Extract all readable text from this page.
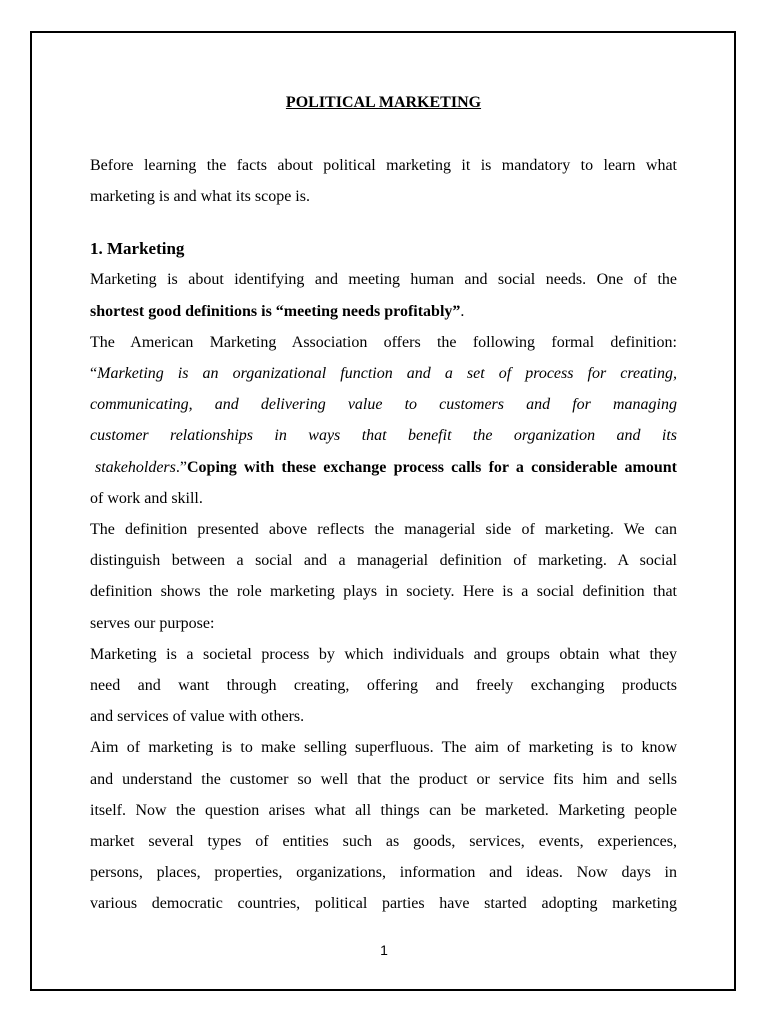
POLITICAL MARKETING
Before learning the facts about political marketing it is mandatory to learn what
marketing is and what its scope is.
1. Marketing
Marketing is about identifying and meeting human and social needs. One of the
shortest good definitions is “meeting needs profitably”.
The American Marketing Association offers the following formal definition:
“ Marketing is an organizational function and a set of process for creating,
communicating, and delivering value to customers and for managing
customer relationships in ways that benefit the organization and its
stakeholders .” Coping with these exchange process calls for a considerable amount
of work and skill.
The definition presented above reflects the managerial side of marketing. We can
distinguish between a social and a managerial definition of marketing. A social
definition shows the role marketing plays in society. Here is a social definition that
serves our purpose:
Marketing is a societal process by which individuals and groups obtain what they
need and want through creating, offering and freely exchanging products
and services of value with others.
Aim of marketing is to make selling superfluous. The aim of marketing is to know
and understand the customer so well that the product or service fits him and sells
itself. Now the question arises what all things can be marketed. Marketing people
market several types of entities such as goods, services, events, experiences,
persons, places, properties, organizations, information and ideas. Now days in
various democratic countries, political parties have started adopting marketing
1
